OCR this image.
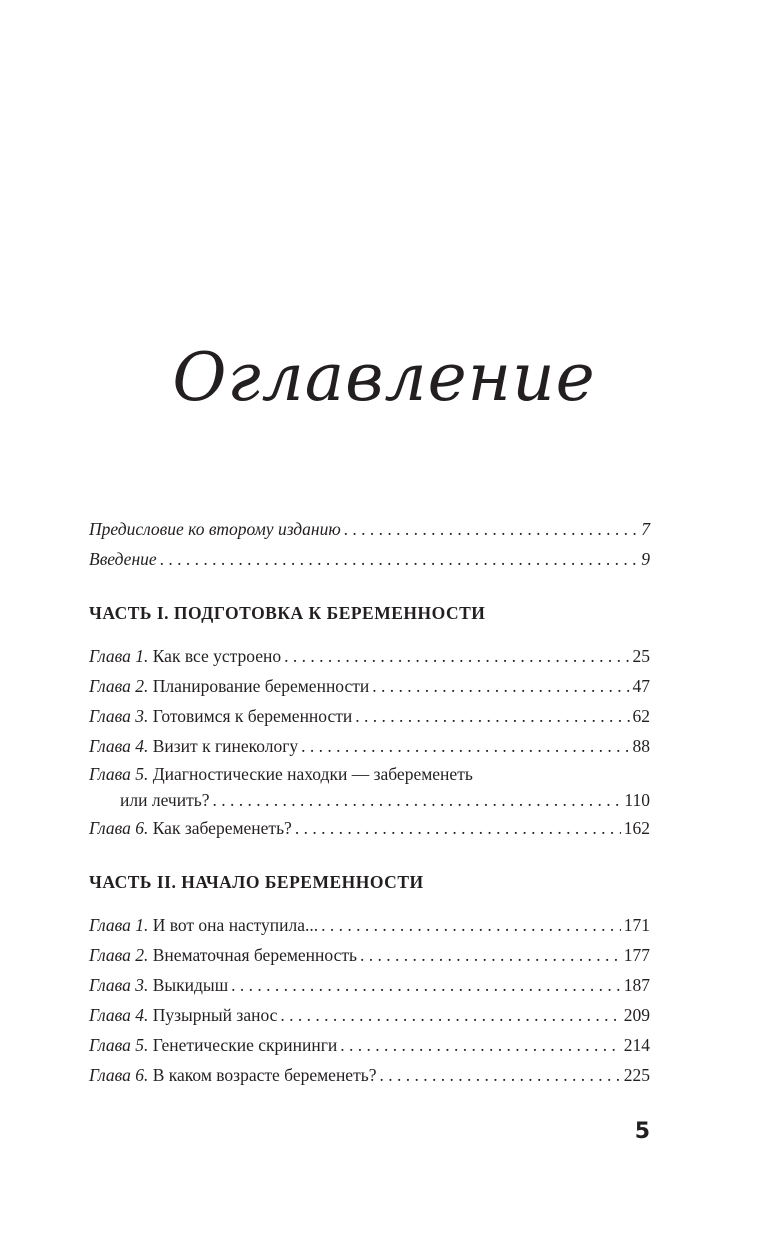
Оглавление
Предисловие ко второму изданию . . .	7
Введение . . .	9
ЧАСТЬ I. ПОДГОТОВКА К БЕРЕМЕННОСТИ
Глава 1. Как все устроено . . .	25
Глава 2. Планирование беременности . . .	47
Глава 3. Готовимся к беременности . . .	62
Глава 4. Визит к гинекологу . . .	88
Глава 5. Диагностические находки — забеременеть
или лечить? . . .	110
Глава 6. Как забеременеть? . . .	162
ЧАСТЬ II. НАЧАЛО БЕРЕМЕННОСТИ
Глава 1. И вот она наступила... . . .	171
Глава 2. Внематочная беременность . . .	177
Глава 3. Выкидыш . . .	187
Глава 4. Пузырный занос . . .	209
Глава 5. Генетические скрининги . . .	214
Глава 6. В каком возрасте беременеть? . . .	225
5
